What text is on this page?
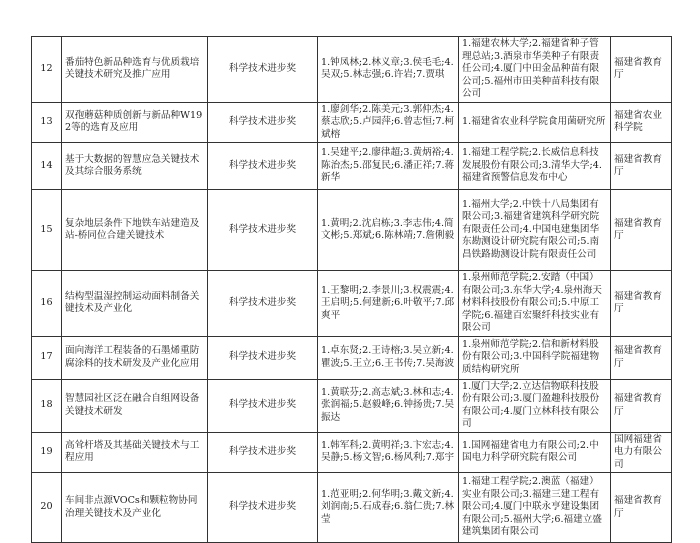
12	番茄特色新品种选育与优质栽培关键技术研究及推广应用	科学技术进步奖	1.钟凤林;2.林义章;3.侯毛毛;4.吴双;5.林志强;6.许岩;7.贾琪	1.福建农林大学;2.福建省种子管理总站;3.酒泉市华美种子有限责任公司;4.厦门中田金品种苗有限公司;5.福州市田美种苗科技有限公司	福建省教育厅
13	双孢蘑菇种质创新与新品种W192等的选育及应用	科学技术进步奖	1.廖剑华;2.陈美元;3.郭仲杰;4.蔡志欣;5.卢园萍;6.曾志恒;7.柯斌榕	1.福建省农业科学院食用菌研究所	福建省农业科学院
14	基于大数据的智慧应急关键技术及其综合服务系统	科学技术进步奖	1.吴建平;2.廖律超;3.黄炳裕;4.陈治杰;5.邵复民;6.潘正祥;7.蒋新华	1.福建工程学院;2.长威信息科技发展股份有限公司;3.清华大学;4.福建省预警信息发布中心	福建省教育厅
15	复杂地层条件下地铁车站建造及站-桥同位合建关键技术	科学技术进步奖	1.黄明;2.沈启栋;3.李志伟;4.简文彬;5.郑斌;6.陈林靖;7.詹俐毅	1.福州大学;2.中铁十八局集团有限公司;3.福建省建筑科学研究院有限责任公司;4.中国电建集团华东勘测设计研究院有限公司;5.南昌铁路勘测设计院有限责任公司	福建省教育厅
16	结构型温湿控制运动面料制备关键技术及产业化	科学技术进步奖	1.王黎明;2.李景川;3.权震震;4.王启明;5.何建新;6.叶敬平;7.邱爽平	1.泉州师范学院;2.安踏（中国）有限公司;3.东华大学;4.泉州海天材料科技股份有限公司;5.中原工学院;6.福建百宏聚纤科技实业有限公司	福建省教育厅
17	面向海洋工程装备的石墨烯重防腐涂料的技术研发及产业化应用	科学技术进步奖	1.卓东贤;2.王诗榕;3.吴立新;4.瞿波;5.王立;6.王书传;7.吴海波	1.泉州师范学院;2.信和新材料股份有限公司;3.中国科学院福建物质结构研究所	福建省教育厅
18	智慧园社区泛在融合自组网设备关键技术研发	科学技术进步奖	1.黄联芬;2.高志斌;3.林和志;4.张润福;5.赵毅峰;6.钟扬贵;7.吴振达	1.厦门大学;2.立达信物联科技股份有限公司;3.厦门盈趣科技股份有限公司;4.厦门立林科技有限公司	福建省教育厅
19	高耸杆塔及其基础关键技术与工程应用	科学技术进步奖	1.韩军科;2.黄明祥;3.卞宏志;4.吴静;5.杨文智;6.杨风利;7.郑宇	1.国网福建省电力有限公司;2.中国电力科学研究院有限公司	国网福建省电力有限公司
20	车间非点源VOCs和颗粒物协同治理关键技术及产业化	科学技术进步奖	1.范亚明;2.何华明;3.戴文新;4.刘润南;5.石成春;6.翁仁贵;7.林莹	1.福建工程学院;2.澳蓝（福建）实业有限公司;3.福建三建工程有限公司;4.厦门中联永亨建设集团有限公司;5.福州大学;6.福建立盛建筑集团有限公司	福建省教育厅
